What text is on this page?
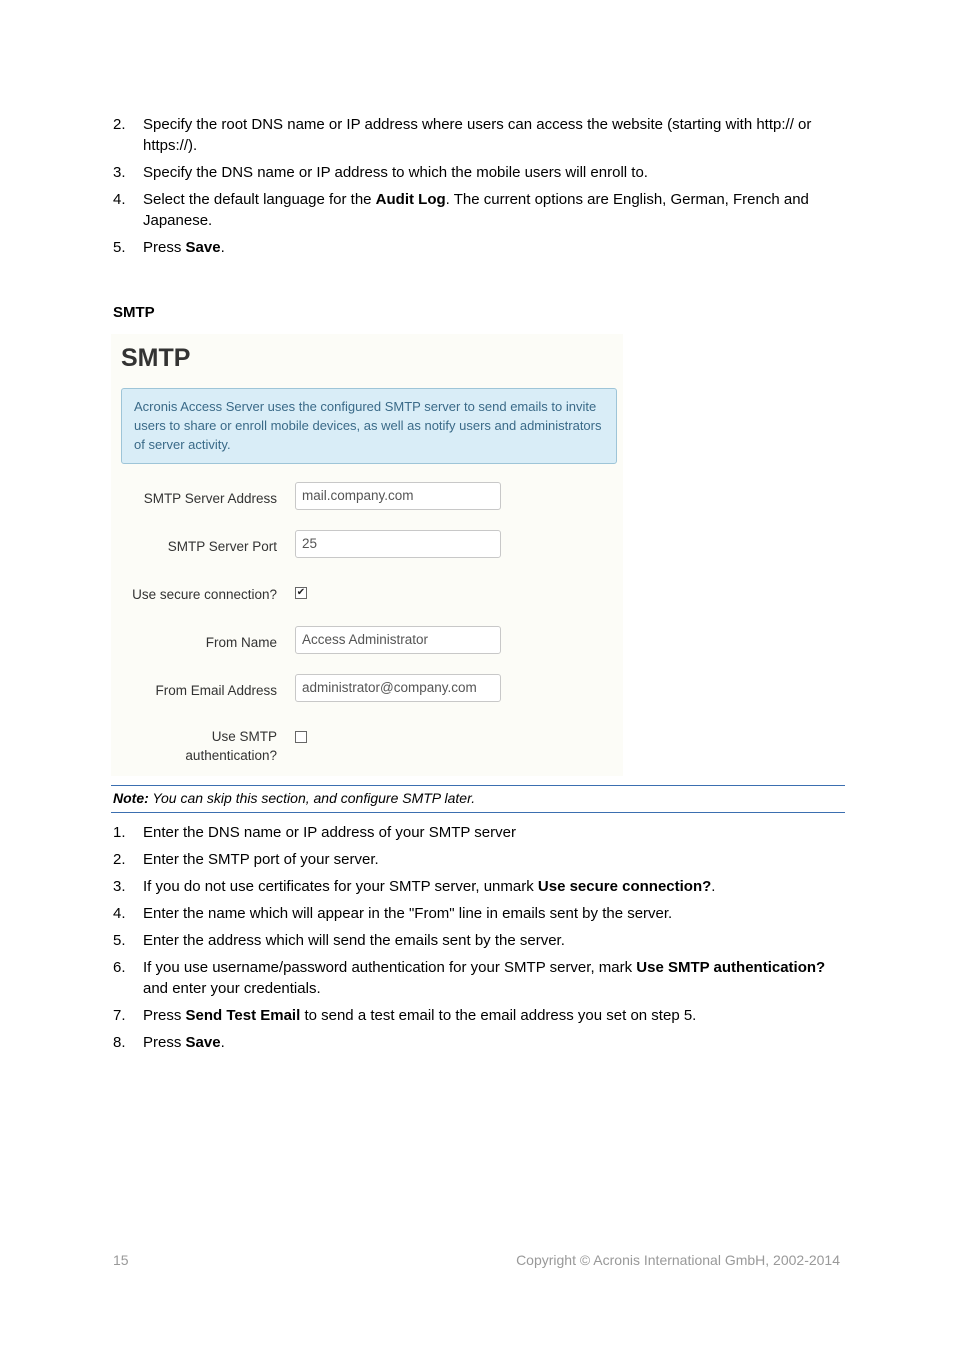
2. Specify the root DNS name or IP address where users can access the website (starting with http:// or https://).
3. Specify the DNS name or IP address to which the mobile users will enroll to.
4. Select the default language for the Audit Log. The current options are English, German, French and Japanese.
5. Press Save.
SMTP
SMTP
Acronis Access Server uses the configured SMTP server to send emails to invite users to share or enroll mobile devices, as well as notify users and administrators of server activity.
SMTP Server Address	mail.company.com
SMTP Server Port	25
Use secure connection? ✔
From Name	Access Administrator
From Email Address	administrator@company.com
Use SMTP
authentication?
Note: You can skip this section, and configure SMTP later.
1. Enter the DNS name or IP address of your SMTP server
2. Enter the SMTP port of your server.
3. If you do not use certificates for your SMTP server, unmark Use secure connection?.
4. Enter the name which will appear in the "From" line in emails sent by the server.
5. Enter the address which will send the emails sent by the server.
6. If you use username/password authentication for your SMTP server, mark Use SMTP authentication? and enter your credentials.
7. Press Send Test Email to send a test email to the email address you set on step 5.
8. Press Save.
15	Copyright © Acronis International GmbH, 2002-2014
